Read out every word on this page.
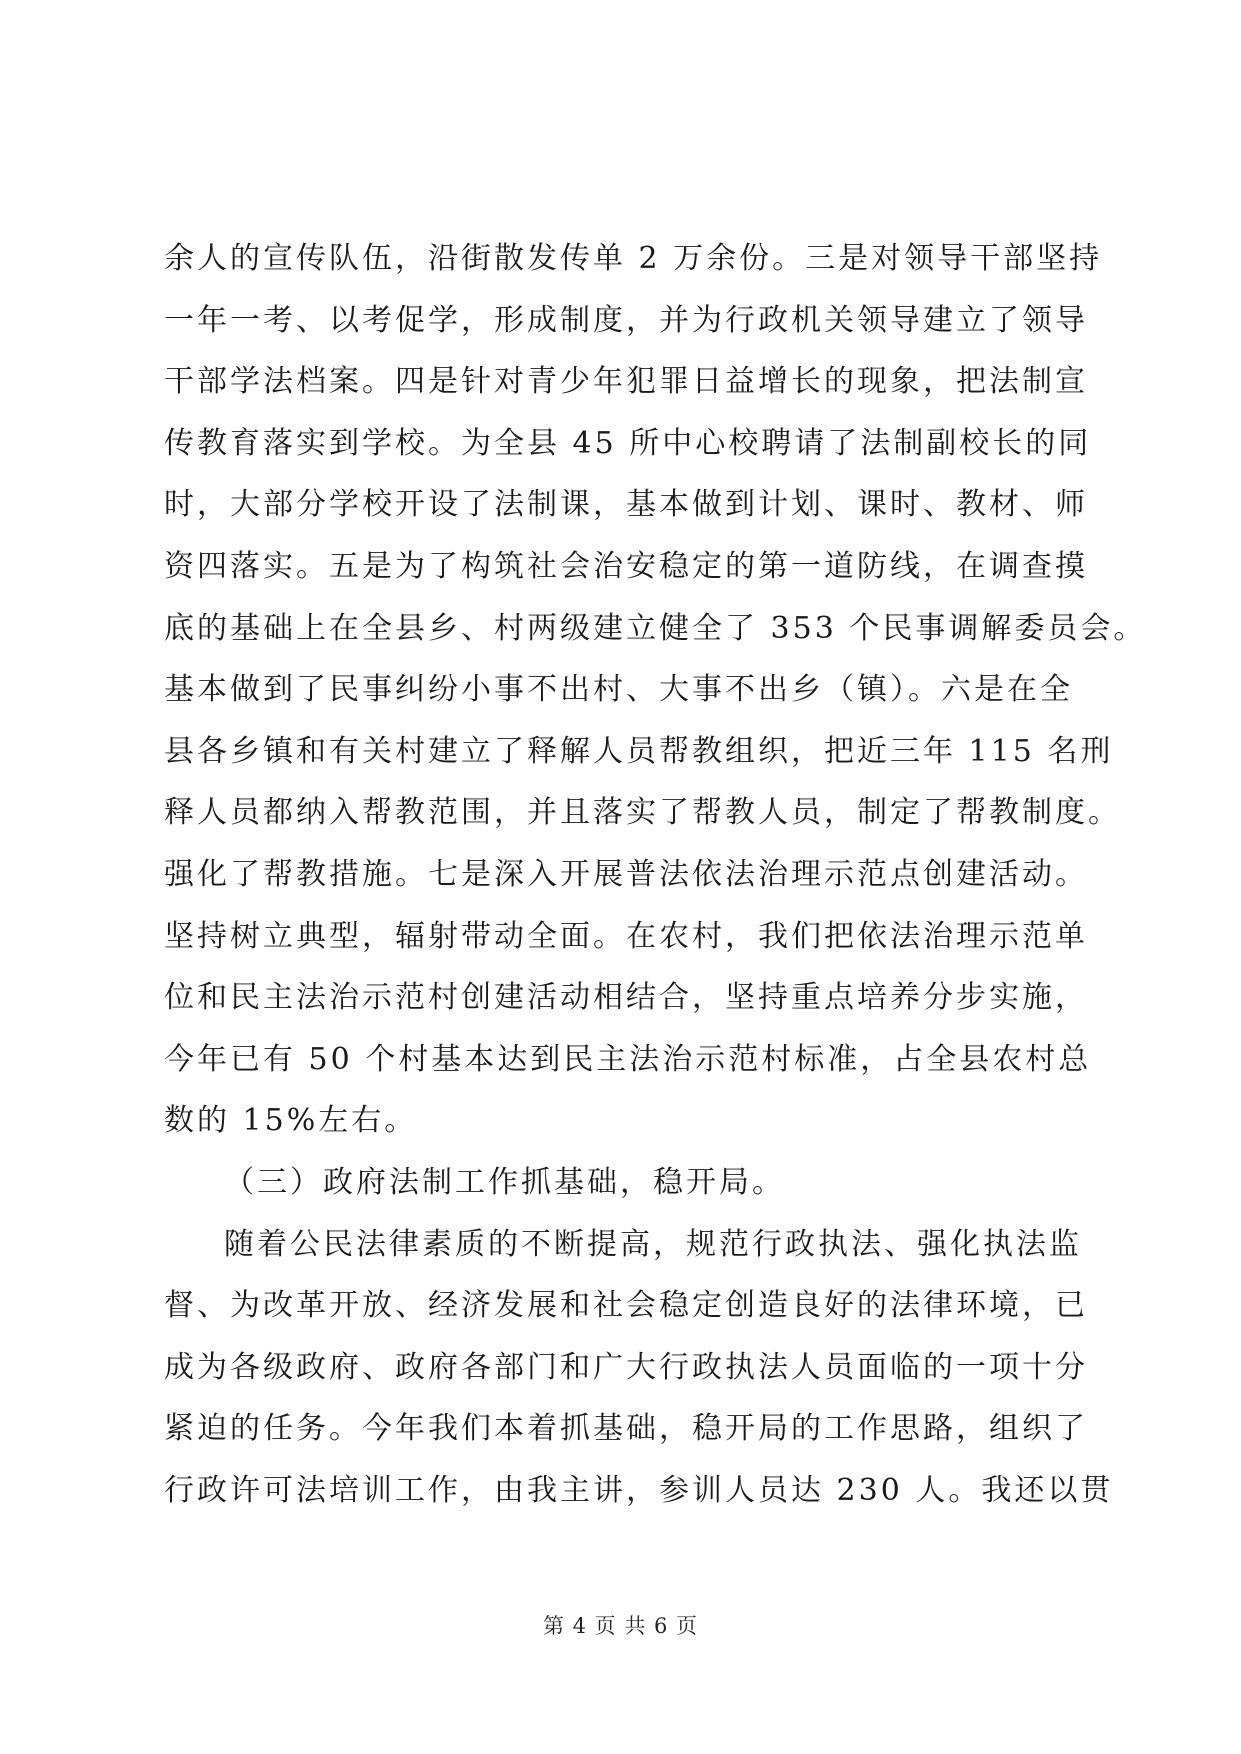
余人的宣传队伍，沿街散发传单 2 万余份。三是对领导干部坚持
一年一考、以考促学，形成制度，并为行政机关领导建立了领导
干部学法档案。四是针对青少年犯罪日益增长的现象，把法制宣
传教育落实到学校。为全县 45 所中心校聘请了法制副校长的同
时，大部分学校开设了法制课，基本做到计划、课时、教材、师
资四落实。五是为了构筑社会治安稳定的第一道防线，在调查摸
底的基础上在全县乡、村两级建立健全了 353 个民事调解委员会。
基本做到了民事纠纷小事不出村、大事不出乡（镇）。六是在全
县各乡镇和有关村建立了释解人员帮教组织，把近三年 115 名刑
释人员都纳入帮教范围，并且落实了帮教人员，制定了帮教制度。
强化了帮教措施。七是深入开展普法依法治理示范点创建活动。
坚持树立典型，辐射带动全面。在农村，我们把依法治理示范单
位和民主法治示范村创建活动相结合，坚持重点培养分步实施，
今年已有 50 个村基本达到民主法治示范村标准，占全县农村总
数的 15%左右。
（三）政府法制工作抓基础，稳开局。
随着公民法律素质的不断提高，规范行政执法、强化执法监
督、为改革开放、经济发展和社会稳定创造良好的法律环境，已
成为各级政府、政府各部门和广大行政执法人员面临的一项十分
紧迫的任务。今年我们本着抓基础，稳开局的工作思路，组织了
行政许可法培训工作，由我主讲，参训人员达 230 人。我还以贯
第 4 页 共 6 页
